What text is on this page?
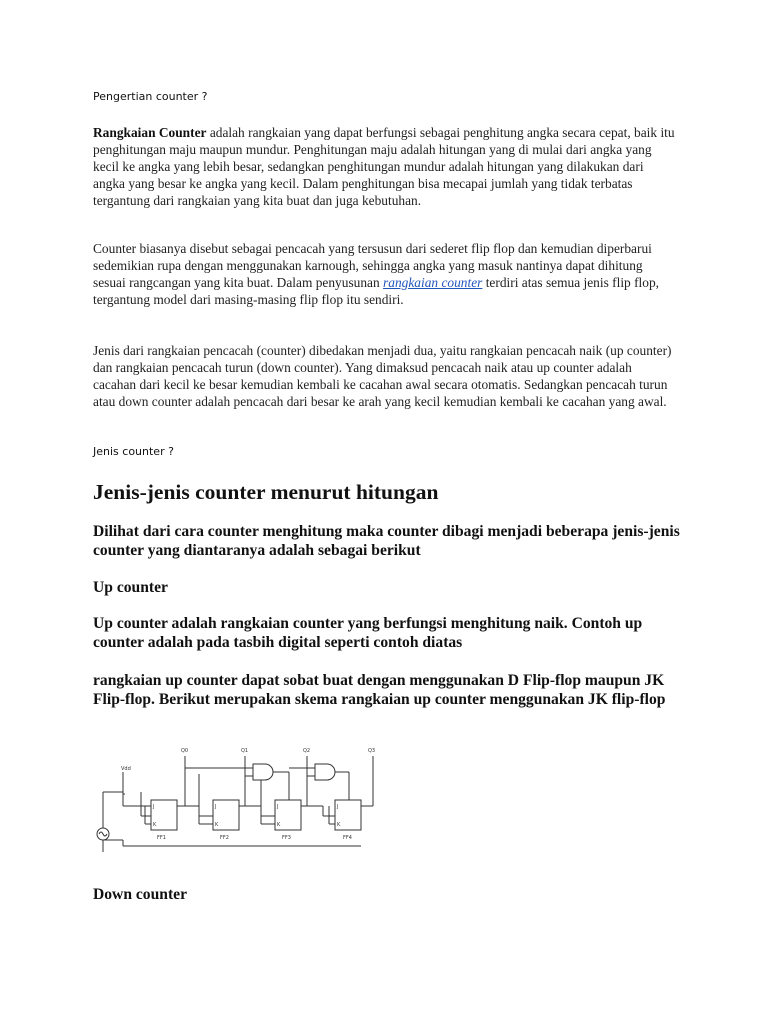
Pengertian counter ?

Rangkaian Counter adalah rangkaian yang dapat berfungsi sebagai penghitung angka secara cepat, baik itu penghitungan maju maupun mundur. Penghitungan maju adalah hitungan yang di mulai dari angka yang kecil ke angka yang lebih besar, sedangkan penghitungan mundur adalah hitungan yang dilakukan dari angka yang besar ke angka yang kecil. Dalam penghitungan bisa mecapai jumlah yang tidak terbatas tergantung dari rangkaian yang kita buat dan juga kebutuhan.

Counter biasanya disebut sebagai pencacah yang tersusun dari sederet flip flop dan kemudian diperbarui sedemikian rupa dengan menggunakan karnough, sehingga angka yang masuk nantinya dapat dihitung sesuai rangcangan yang kita buat. Dalam penyusunan rangkaian counter terdiri atas semua jenis flip flop, tergantung model dari masing-masing flip flop itu sendiri.

Jenis dari rangkaian pencacah (counter) dibedakan menjadi dua, yaitu rangkaian pencacah naik (up counter) dan rangkaian pencacah turun (down counter). Yang dimaksud pencacah naik atau up counter adalah cacahan dari kecil ke besar kemudian kembali ke cacahan awal secara otomatis. Sedangkan pencacah turun atau down counter adalah pencacah dari besar ke arah yang kecil kemudian kembali ke cacahan yang awal.

Jenis counter ?

Jenis-jenis counter menurut hitungan

Dilihat dari cara counter menghitung maka counter dibagi menjadi beberapa jenis-jenis counter yang diantaranya adalah sebagai berikut

Up counter

Up counter adalah rangkaian counter yang berfungsi menghitung naik. Contoh up counter adalah pada tasbih digital seperti contoh diatas

rangkaian up counter dapat sobat buat dengan menggunakan D Flip-flop maupun JK Flip-flop. Berikut merupakan skema rangkaian up counter menggunakan JK flip-flop

Vdd
J
K
FF1
J
K
FF2
J
K
FF3
J
K
FF4
Q0	Q1	Q2	Q3

Down counter
